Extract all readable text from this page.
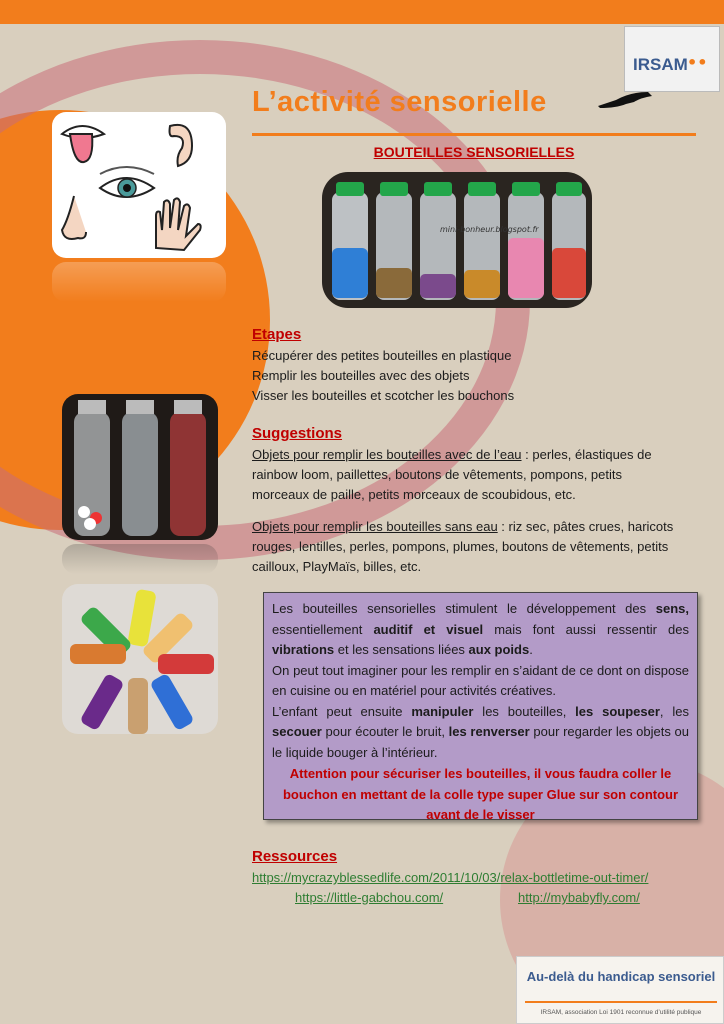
IRSAM ••
L’activité sensorielle
BOUTEILLES SENSORIELLES
mini-bonheur.blogspot.fr
Etapes
Récupérer des petites bouteilles en plastique
Remplir les bouteilles avec des objets
Visser les bouteilles et scotcher les bouchons
Suggestions
Objets pour remplir les bouteilles avec de l’eau : perles, élastiques de
rainbow loom, paillettes, boutons de vêtements, pompons, petits
morceaux de paille, petits morceaux de scoubidous, etc.
Objets pour remplir les bouteilles sans eau : riz sec, pâtes crues, haricots
rouges, lentilles, perles, pompons, plumes, boutons de vêtements, petits
cailloux, PlayMaïs, billes, etc.
Les bouteilles sensorielles stimulent le développement des sens, essentiellement auditif et visuel mais font aussi ressentir des vibrations et les sensations liées aux poids.
On peut tout imaginer pour les remplir en s’aidant de ce dont on dispose en cuisine ou en matériel pour activités créatives.
L’enfant peut ensuite manipuler les bouteilles, les soupeser, les secouer pour écouter le bruit, les renverser pour regarder les objets ou le liquide bouger à l’intérieur.
Attention pour sécuriser les bouteilles, il vous faudra coller le bouchon en mettant de la colle type super Glue sur son contour avant de le visser
Ressources
https://mycrazyblessedlife.com/2011/10/03/relax-bottletime-out-timer/
https://little-gabchou.com/	http://mybabyfly.com/
Au-delà du handicap sensoriel
IRSAM, association Loi 1901 reconnue d’utilité publique
